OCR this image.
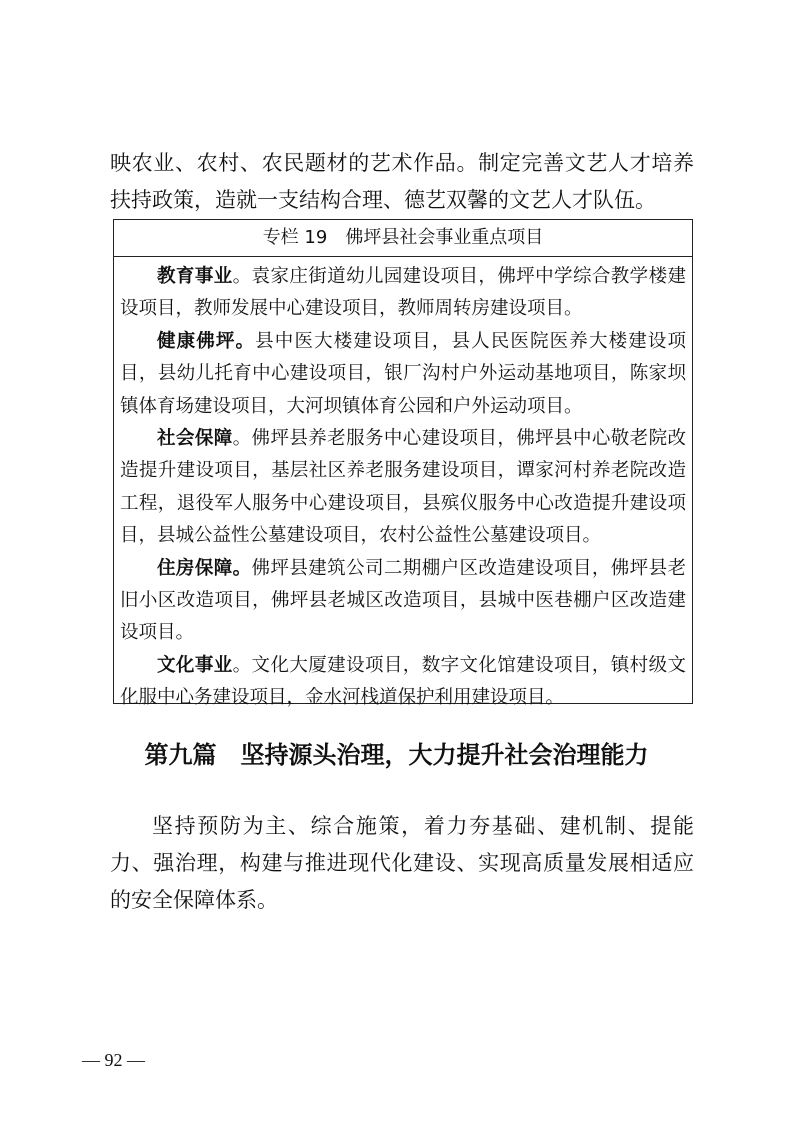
映农业、农村、农民题材的艺术作品。制定完善文艺人才培养扶持政策，造就一支结构合理、德艺双馨的文艺人才队伍。

专栏 19　佛坪县社会事业重点项目

教育事业。袁家庄街道幼儿园建设项目，佛坪中学综合教学楼建设项目，教师发展中心建设项目，教师周转房建设项目。

健康佛坪。县中医大楼建设项目，县人民医院医养大楼建设项目，县幼儿托育中心建设项目，银厂沟村户外运动基地项目，陈家坝镇体育场建设项目，大河坝镇体育公园和户外运动项目。

社会保障。佛坪县养老服务中心建设项目，佛坪县中心敬老院改造提升建设项目，基层社区养老服务建设项目，谭家河村养老院改造工程，退役军人服务中心建设项目，县殡仪服务中心改造提升建设项目，县城公益性公墓建设项目，农村公益性公墓建设项目。

住房保障。佛坪县建筑公司二期棚户区改造建设项目，佛坪县老旧小区改造项目，佛坪县老城区改造项目，县城中医巷棚户区改造建设项目。

文化事业。文化大厦建设项目，数字文化馆建设项目，镇村级文化服中心务建设项目，金水河栈道保护利用建设项目。

第九篇　坚持源头治理，大力提升社会治理能力

坚持预防为主、综合施策，着力夯基础、建机制、提能力、强治理，构建与推进现代化建设、实现高质量发展相适应的安全保障体系。

— 92 —
